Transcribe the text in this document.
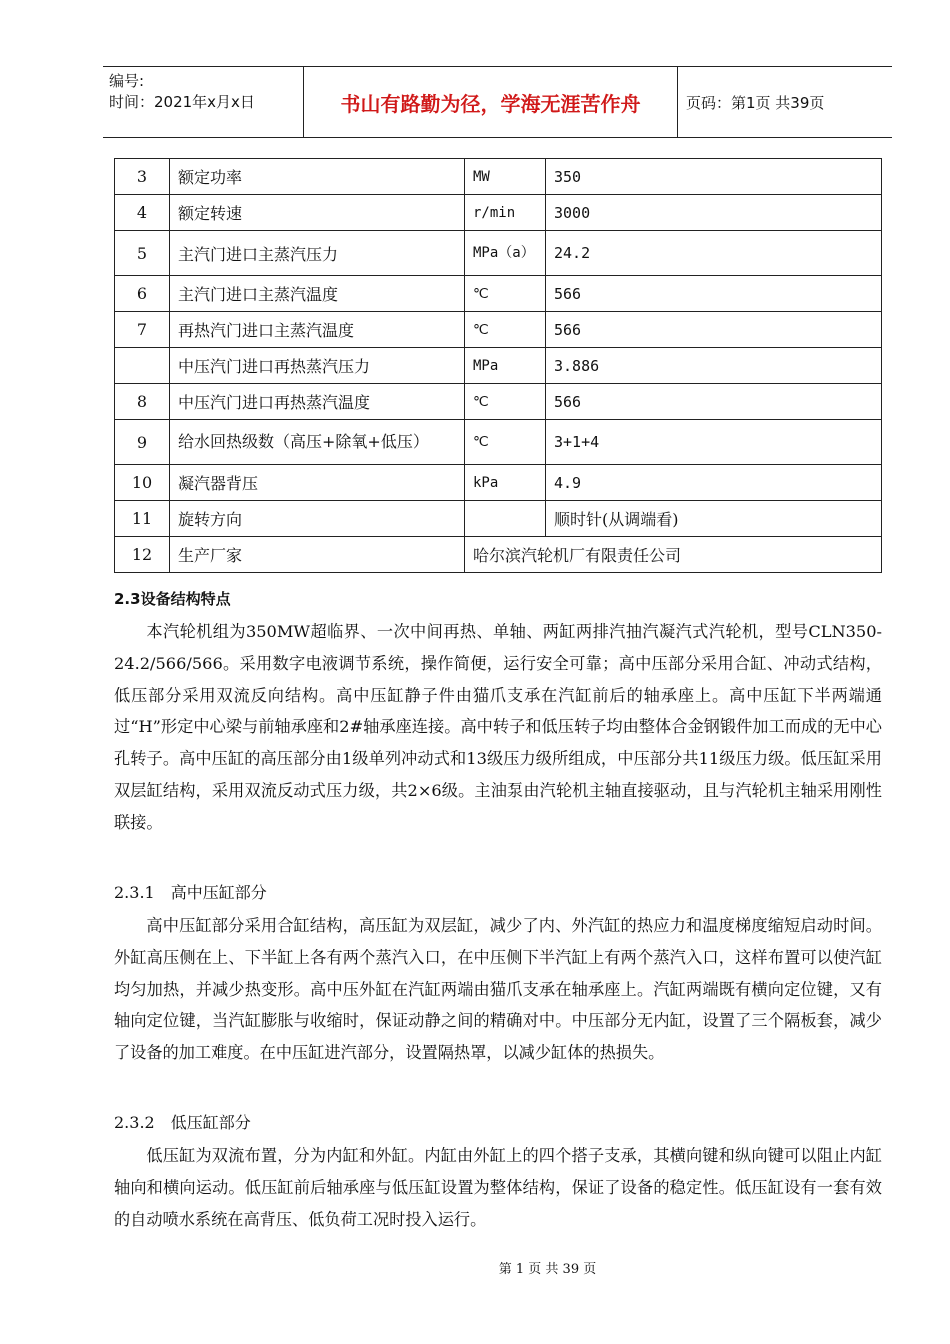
编号:
时间：2021年x月x日	书山有路勤为径，学海无涯苦作舟	页码：第1页 共39页
3	额定功率	MW	350
4	额定转速	r/min	3000
5	主汽门进口主蒸汽压力	MPa（a）	24.2
6	主汽门进口主蒸汽温度	℃	566
7	再热汽门进口主蒸汽温度	℃	566
	中压汽门进口再热蒸汽压力	MPa	3.886
8	中压汽门进口再热蒸汽温度	℃	566
9	给水回热级数（高压+除氧+低压）	℃	3+1+4
10	凝汽器背压	kPa	4.9
11	旋转方向		顺时针(从调端看)
12	生产厂家	哈尔滨汽轮机厂有限责任公司	
2.3设备结构特点
本汽轮机组为350MW超临界、一次中间再热、单轴、两缸两排汽抽汽凝汽式汽轮机，型号CLN350-24.2/566/566。采用数字电液调节系统，操作简便，运行安全可靠；高中压部分采用合缸、冲动式结构，低压部分采用双流反向结构。高中压缸静子件由猫爪支承在汽缸前后的轴承座上。高中压缸下半两端通过“H”形定中心梁与前轴承座和2#轴承座连接。高中转子和低压转子均由整体合金钢锻件加工而成的无中心孔转子。高中压缸的高压部分由1级单列冲动式和13级压力级所组成，中压部分共11级压力级。低压缸采用双层缸结构，采用双流反动式压力级，共2×6级。主油泵由汽轮机主轴直接驱动，且与汽轮机主轴采用刚性联接。
2.3.1　高中压缸部分
高中压缸部分采用合缸结构，高压缸为双层缸，减少了内、外汽缸的热应力和温度梯度缩短启动时间。外缸高压侧在上、下半缸上各有两个蒸汽入口，在中压侧下半汽缸上有两个蒸汽入口，这样布置可以使汽缸均匀加热，并减少热变形。高中压外缸在汽缸两端由猫爪支承在轴承座上。汽缸两端既有横向定位键，又有轴向定位键，当汽缸膨胀与收缩时，保证动静之间的精确对中。中压部分无内缸，设置了三个隔板套，减少了设备的加工难度。在中压缸进汽部分，设置隔热罩，以减少缸体的热损失。
2.3.2　低压缸部分
低压缸为双流布置，分为内缸和外缸。内缸由外缸上的四个搭子支承，其横向键和纵向键可以阻止内缸轴向和横向运动。低压缸前后轴承座与低压缸设置为整体结构，保证了设备的稳定性。低压缸设有一套有效的自动喷水系统在高背压、低负荷工况时投入运行。
第 1 页 共 39 页
